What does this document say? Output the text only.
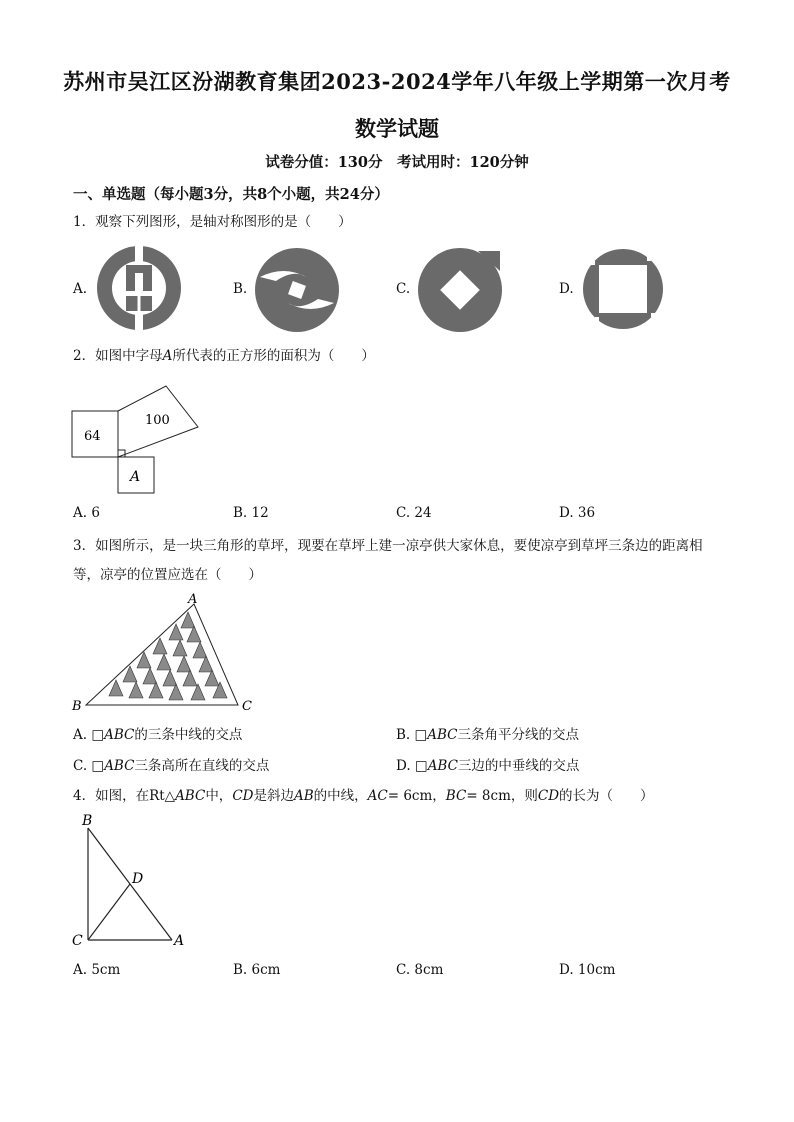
苏州市吴江区汾湖教育集团2023-2024学年八年级上学期第一次月考
数学试题
试卷分值：130分　考试用时：120分钟
一、单选题（每小题3分，共8个小题，共24分）
1．观察下列图形，是轴对称图形的是（　　）
A.	B.	C.	D.
2．如图中字母A所代表的正方形的面积为（　　）
64
100
A
A. 6	B. 12	C. 24	D. 36
3．如图所示，是一块三角形的草坪，现要在草坪上建一凉亭供大家休息，要使凉亭到草坪三条边的距离相
等，凉亭的位置应选在（　　）
A
B	C
A. □ABC的三条中线的交点	B. □ABC三条角平分线的交点
C. □ABC三条高所在直线的交点	D. □ABC三边的中垂线的交点
4．如图，在Rt△ABC中，CD是斜边AB的中线，AC= 6cm，BC= 8cm，则CD的长为（　　）
B
D
C	A
A. 5cm	B. 6cm	C. 8cm	D. 10cm
